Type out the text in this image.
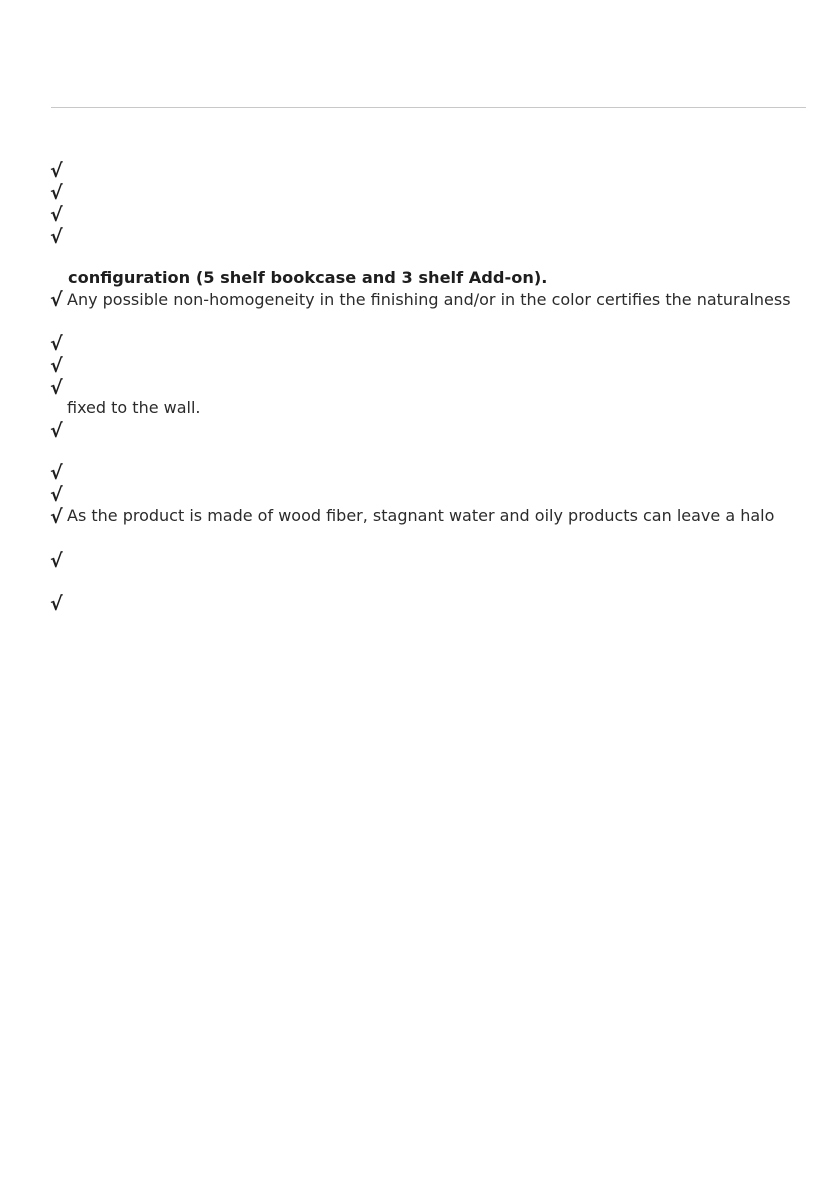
√
√
√
√
configuration (5 shelf bookcase and 3 shelf Add-on).
√ Any possible non-homogeneity in the finishing and/or in the color certifies the naturalness
√
√
√
fixed to the wall.
√
√
√
√ As the product is made of wood fiber, stagnant water and oily products can leave a halo
√
√
